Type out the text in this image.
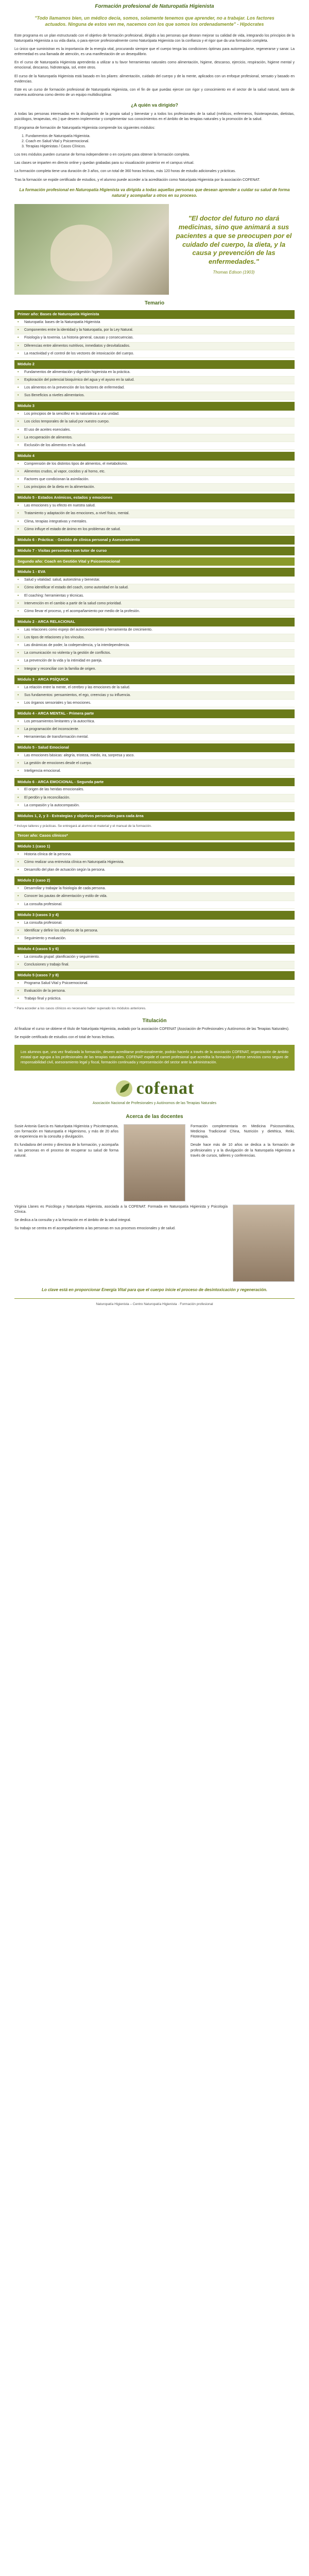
Formación profesional de Naturopatía Higienista
"Todo llamamos bien, un médico decía, somos, solamente tenemos que aprender, no a trabajar. Los factores actuados. Ninguna de estos ven me, nacemos con los que somos los ordenadamente" - Hipócrates

Este programa es un plan estructurado con el objetivo de formación profesional, dirigido a las personas que desean mejorar su calidad de vida, integrando los principios de la Naturopatía Higienista a su vida diaria, o para ejercer profesionalmente como Naturópata Higienista con la confianza y el rigor que da una formación completa.

Lo único que suministran es la importancia de la energía vital, procurando siempre que el cuerpo tenga las condiciones óptimas para autorregularse, regenerarse y sanar. La enfermedad es una llamada de atención, es una manifestación de un desequilibrio.

En el curso de Naturopatía Higienista aprenderás a utilizar a tu favor herramientas naturales como alimentación, higiene, descanso, ejercicio, respiración, higiene mental y emocional, descanso, hidroterapia, sol, entre otros.

El curso de la Naturopatía Higienista está basado en los pilares: alimentación, cuidado del cuerpo y de la mente, aplicados con un enfoque profesional, sensato y basado en evidencias.

Este es un curso de formación profesional de Naturopatía Higienista, con el fin de que puedas ejercer con rigor y conocimiento en el sector de la salud natural, tanto de manera autónoma como dentro de un equipo multidisciplinar.

¿A quién va dirigido?

A todas las personas interesadas en la divulgación de la propia salud y bienestar y a todos los profesionales de la salud (médicos, enfermeros, fisioterapeutas, dietistas, psicólogos, terapeutas, etc.) que deseen implementar y complementar sus conocimientos en el ámbito de las terapias naturales y la promoción de la salud.

El programa de formación de Naturopatía Higienista comprende los siguientes módulos:

1. Fundamentos de Naturopatía Higienista.
2. Coach en Salud Vital y Psicoemocional.
3. Terapias Higienistas / Casos Clínicos.

Los tres módulos pueden cursarse de forma independiente o en conjunto para obtener la formación completa.

Las clases se imparten en directo online y quedan grabadas para su visualización posterior en el campus virtual.

La formación completa tiene una duración de 3 años, con un total de 360 horas lectivas, más 120 horas de estudio adicionales y prácticas.

Tras la formación se expide certificado de estudios, y el alumno puede acceder a la acreditación como Naturópata Higienista por la asociación COFENAT.

La formación profesional en Naturopatía Higienista va dirigida a todas aquellas personas que desean aprender a cuidar su salud de forma natural y acompañar a otros en su proceso.
"El doctor del futuro no dará medicinas, sino que animará a sus pacientes a que se preocupen por el cuidado del cuerpo, la dieta, y la causa y prevención de las enfermedades."
Thomas Edison (1903)
Temario
Primer año: Bases de Naturopatía Higienista
•	Naturopatía: bases de la Naturopatía Higienista
•	Componentes entre la identidad y la Naturopatía, por la Ley Natural.
•	Fisiología y la toxemia. La historia general, causas y consecuencias.
•	Diferencias entre alimentos nutritivos, inmediatos y desvitalizados.
•	La reactividad y el control de los vectores de intoxicación del cuerpo.
Módulo 2
•	Fundamentos de alimentación y digestión higienista en la práctica.
•	Exploración del potencial bioquímico del agua y el ayuno en la salud.
•	Los alimentos en la prevención de los factores de enfermedad.
•	Sus Beneficios a niveles alimentarios.
Módulo 3
•	Los principios de la sencillez en la naturaleza a una unidad.
•	Los ciclos temporales de la salud por nuestro cuerpo.
•	El uso de aceites esenciales.
•	La recuperación de alimentos.
•	Exclusión de los alimentos en la salud.
Módulo 4
•	Comprensión de los distintos tipos de alimentos, el metabolismo.
•	Alimentos crudos, al vapor, cocidos y al horno, etc.
•	Factores que condicionan la asimilación.
•	Los principios de la dieta en la alimentación.
Módulo 5 - Estados Anímicos, estados y emociones
•	Las emociones y su efecto en nuestra salud.
•	Tratamiento y adaptación de las emociones, a nivel físico, mental.
•	Clima, terapias integrativas y mentales.
•	Cómo influye el estado de ánimo en los problemas de salud.
Módulo 6 - Práctica: - Gestión de clínica personal y Asesoramiento
Módulo 7 - Visitas personales con tutor de curso
Segundo año: Coach en Gestión Vital y Psicoemocional
Módulo 1 - EVA
•	Salud y vitalidad: salud, autoestima y bienestar.
•	Cómo identificar el estado del coach, como autoridad en la salud.
•	El coaching: herramientas y técnicas.
•	Intervención en el cambio a partir de la salud como prioridad.
•	Cómo llevar el proceso, y el acompañamiento por medio de la profesión.
Módulo 2 - ARCA RELACIONAL
•	Las relaciones como espejo del autoconocimiento y herramienta de crecimiento.
•	Los tipos de relaciones y los vínculos.
•	Las dinámicas de poder, la codependencia, y la interdependencia.
•	La comunicación no violenta y la gestión de conflictos.
•	La prevención de la vida y la intimidad en pareja.
•	Integrar y reconciliar con la familia de origen.
Módulo 3 - ARCA PSÍQUICA
•	La relación entre la mente, el cerebro y las emociones de la salud.
•	Sus fundamentos: pensamientos, el ego, creencias y su influencia.
•	Los órganos sensoriales y las emociones.
Módulo 4 - ARCA MENTAL - Primera parte
•	Los pensamientos limitantes y la autocrítica.
•	La programación del inconsciente.
•	Herramientas de transformación mental.
Módulo 5 - Salud Emocional
•	Las emociones básicas: alegría, tristeza, miedo, ira, sorpresa y asco.
•	La gestión de emociones desde el cuerpo.
•	Inteligencia emocional.
Módulo 6 - ARCA EMOCIONAL - Segunda parte
•	El origen de las heridas emocionales.
•	El perdón y la reconciliación.
•	La compasión y la autocompasión.
Módulos 1, 2, y 3 - Estrategias y objetivos personales para cada área
* Incluye talleres y prácticas. Se entregará al alumno el material y el manual de la formación.
Tercer año: Casos clínicos*
Módulo 1 (caso 1)
•	Historia clínica de la persona.
•	Cómo realizar una entrevista clínica en Naturopatía Higienista.
•	Desarrollo del plan de actuación según la persona.
Módulo 2 (caso 2)
•	Desarrollar y trabajar la fisiología de cada persona.
•	Conocer las pautas de alimentación y estilo de vida.
•	La consulta profesional.
Módulo 3 (casos 3 y 4)
•	La consulta profesional.
•	Identificar y definir los objetivos de la persona.
•	Seguimiento y evaluación.
Módulo 4 (casos 5 y 6)
•	La consulta grupal: planificación y seguimiento.
•	Conclusiones y trabajo final.
Módulo 5 (casos 7 y 8)
•	Programa Salud Vital y Psicoemocional.
•	Evaluación de la persona.
•	Trabajo final y práctica.
* Para acceder a los casos clínicos es necesario haber superado los módulos anteriores.
Titulación

Al finalizar el curso se obtiene el título de Naturópata Higienista, avalado por la asociación COFENAT (Asociación de Profesionales y Autónomos de las Terapias Naturales).

Se expide certificado de estudios con el total de horas lectivas.

Los alumnos que, una vez finalizada la formación, deseen acreditarse profesionalmente, podrán hacerlo a través de la asociación COFENAT, organización de ámbito estatal que agrupa a los profesionales de las terapias naturales. COFENAT expide el carnet profesional que acredita la formación y ofrece servicios como seguro de responsabilidad civil, asesoramiento legal y fiscal, formación continuada y representación del sector ante la administración.
cofenat
Asociación Nacional de Profesionales y Autónomos de las Terapias Naturales
Acerca de las docentes

Susie Antonia García es Naturópata Higienista y Psicoterapeuta, con formación en Naturopatía e Higienismo, y más de 20 años de experiencia en la consulta y divulgación.

Es fundadora del centro y directora de la formación, y acompaña a las personas en el proceso de recuperar su salud de forma natural.

Formación complementaria en Medicina Psicosomática, Medicina Tradicional China, Nutrición y dietética, Reiki, Fitoterapia.

Desde hace más de 10 años se dedica a la formación de profesionales y a la divulgación de la Naturopatía Higienista a través de cursos, talleres y conferencias.

Virginia Llanes es Psicóloga y Naturópata Higienista, asociada a la COFENAT. Formada en Naturopatía Higienista y Psicología Clínica.

Se dedica a la consulta y a la formación en el ámbito de la salud integral.

Su trabajo se centra en el acompañamiento a las personas en sus procesos emocionales y de salud.

Lo clave está en proporcionar Energía Vital para que el cuerpo inicie el proceso de desintoxicación y regeneración.
Naturopatía Higienista – Centro Naturopatía Higienista · Formación profesional
